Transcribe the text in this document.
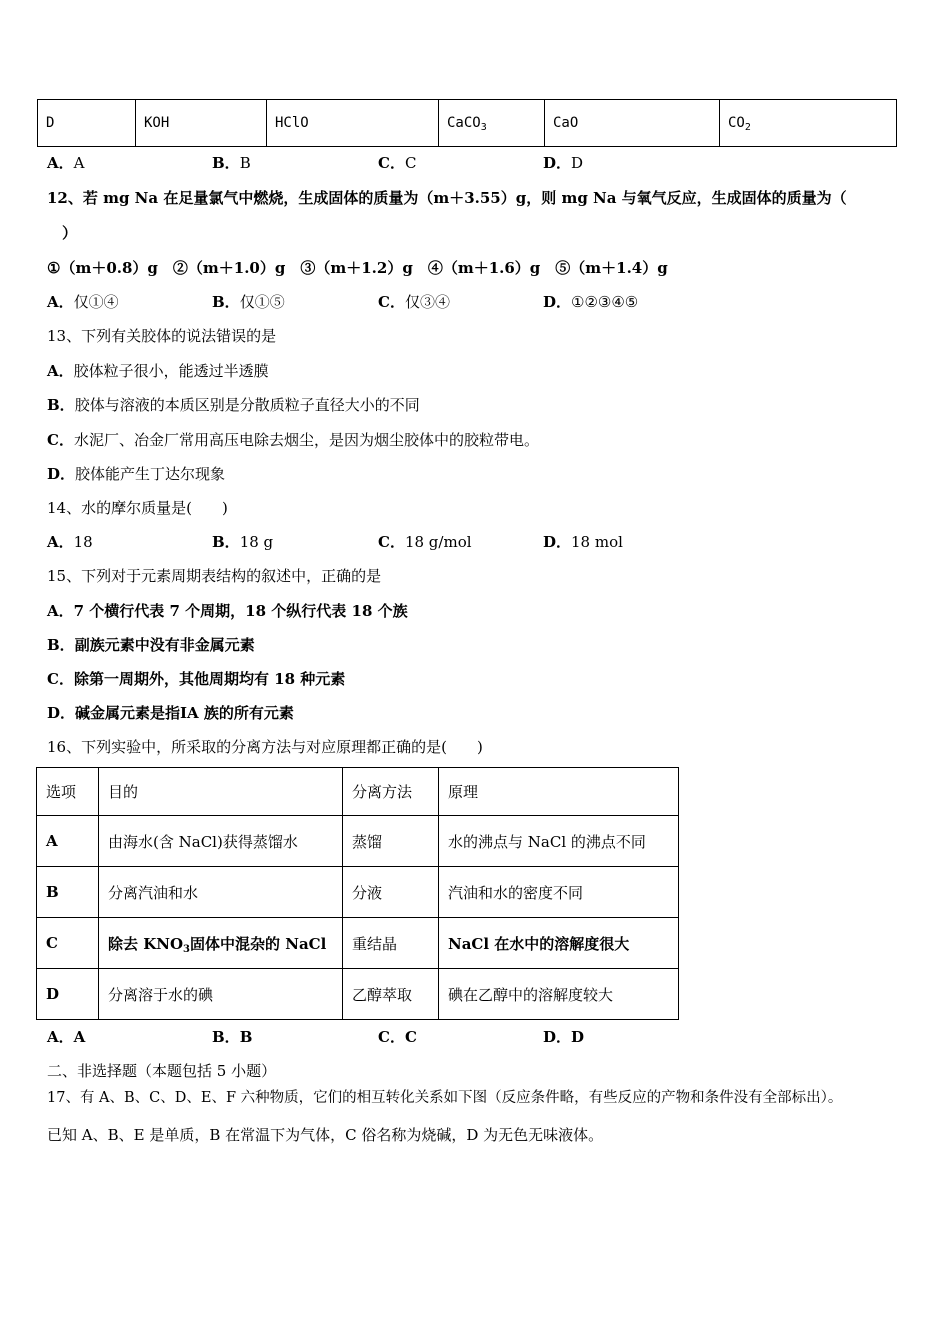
D	KOH	HClO	CaCO$_3$	CaO	$CO_2$
A．A	B．B	C．C	D．D
12、若 mg Na 在足量氯气中燃烧，生成固体的质量为（m＋3.55）g，则 mg Na 与氧气反应，生成固体的质量为（
）
①（m＋0.8）g　②（m＋1.0）g　③（m＋1.2）g　④（m＋1.6）g　⑤（m＋1.4）g
A．仅①④	B．仅①⑤	C．仅③④	D．①②③④⑤
13、下列有关胶体的说法错误的是
A．胶体粒子很小，能透过半透膜
B．胶体与溶液的本质区别是分散质粒子直径大小的不同
C．水泥厂、冶金厂常用高压电除去烟尘，是因为烟尘胶体中的胶粒带电。
D．胶体能产生丁达尔现象
14、水的摩尔质量是(　　)
A．18	B．18 g	C．18 g/mol	D．18 mol
15、下列对于元素周期表结构的叙述中，正确的是
A．7 个横行代表 7 个周期，18 个纵行代表 18 个族
B．副族元素中没有非金属元素
C．除第一周期外，其他周期均有 18 种元素
D．碱金属元素是指ⅠA 族的所有元素
16、下列实验中，所采取的分离方法与对应原理都正确的是(　　)
选项	目的	分离方法	原理
A	由海水(含 NaCl)获得蒸馏水	蒸馏	水的沸点与 NaCl 的沸点不同
B	分离汽油和水	分液	汽油和水的密度不同
C	除去 $KNO_3$固体中混杂的 NaCl	重结晶	NaCl 在水中的溶解度很大
D	分离溶于水的碘	乙醇萃取	碘在乙醇中的溶解度较大
A．A	B．B	C．C	D．D
二、非选择题（本题包括 5 小题）
17、有 A、B、C、D、E、F 六种物质，它们的相互转化关系如下图（反应条件略，有些反应的产物和条件没有全部标出）。
已知 A、B、E 是单质，B 在常温下为气体，C 俗名称为烧碱，D 为无色无味液体。
